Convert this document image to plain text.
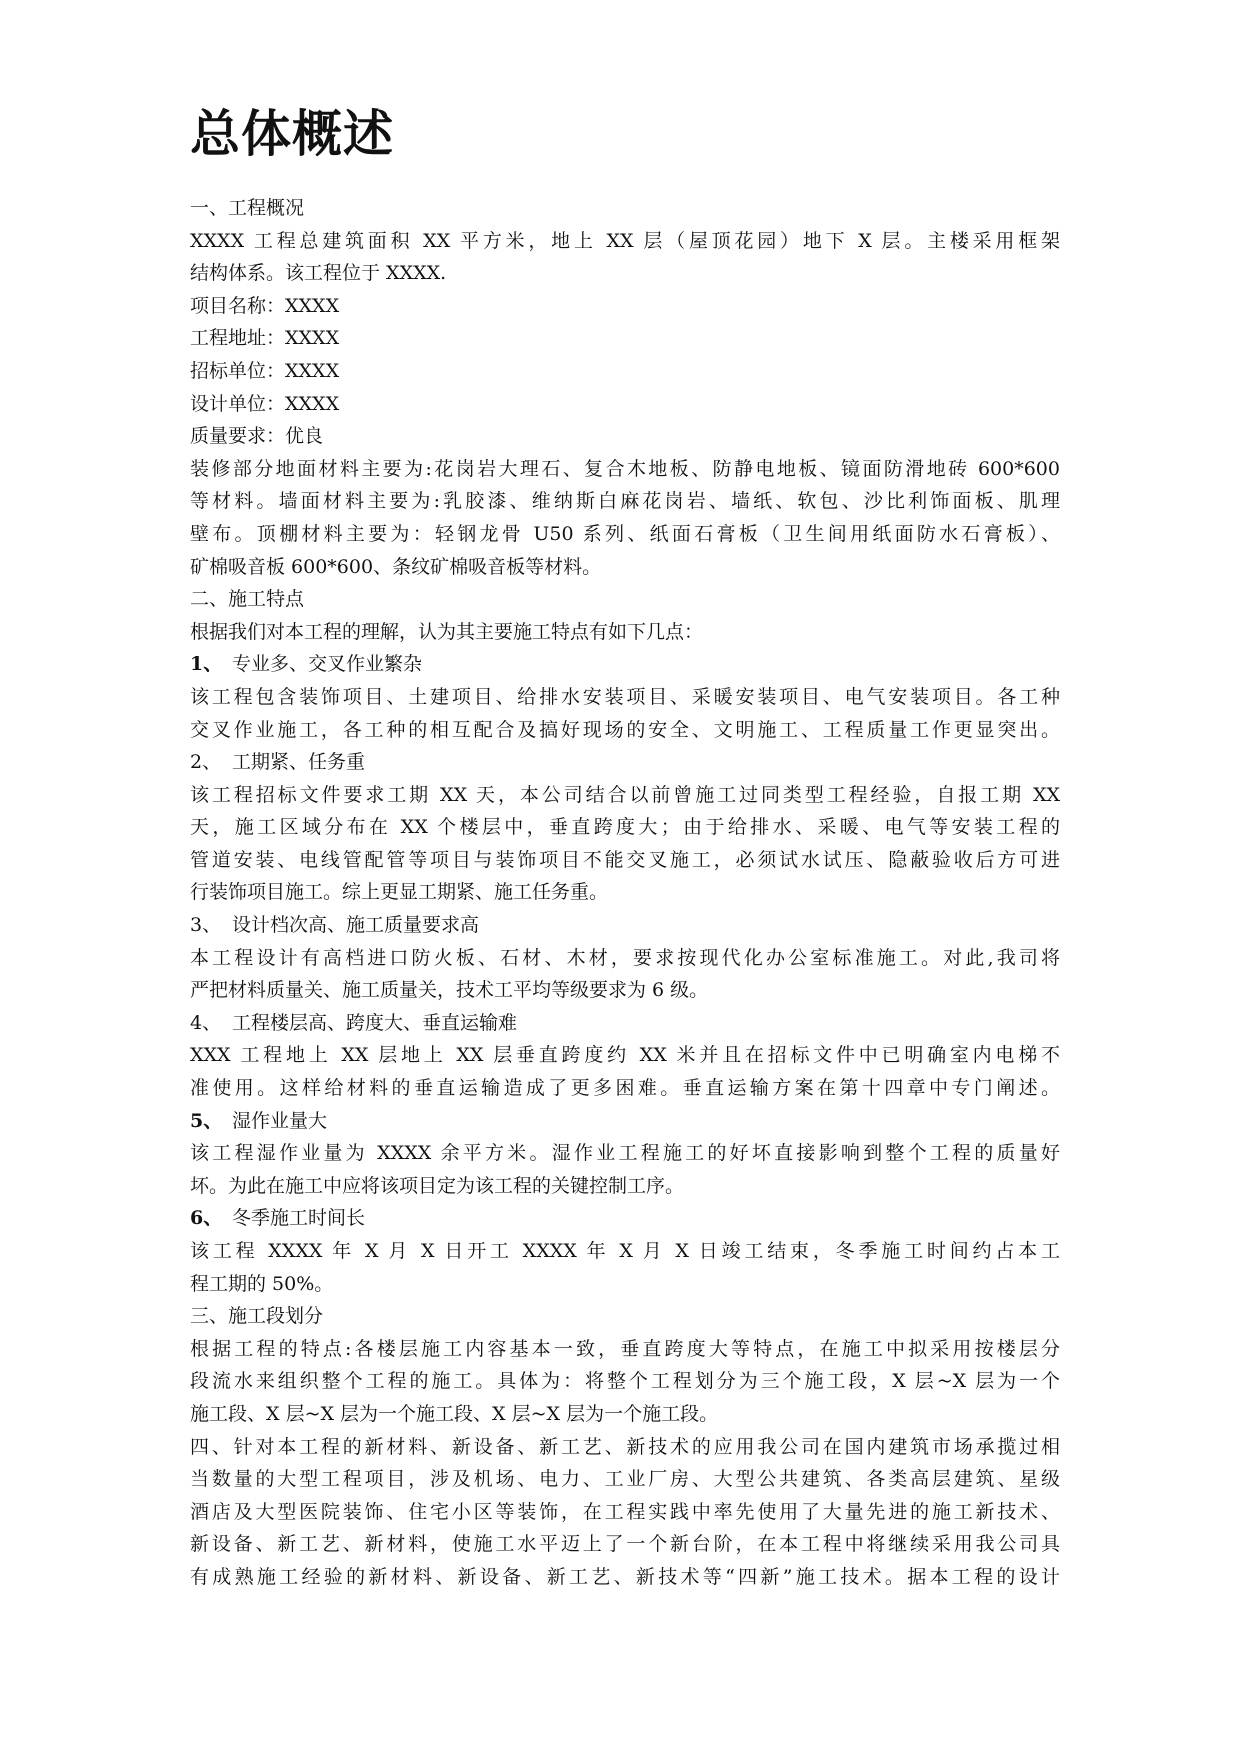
总体概述

一、工程概况

XXXX 工程总建筑面积 XX 平方米，地上 XX 层（屋顶花园）地下 X 层。主楼采用框架

结构体系。该工程位于 XXXX.

项目名称：XXXX

工程地址：XXXX

招标单位：XXXX

设计单位：XXXX

质量要求：优良

装修部分地面材料主要为:花岗岩大理石、复合木地板、防静电地板、镜面防滑地砖 600*600

等材料。墙面材料主要为:乳胶漆、维纳斯白麻花岗岩、墙纸、软包、沙比利饰面板、肌理

壁布。顶棚材料主要为：轻钢龙骨 U50 系列、纸面石膏板（卫生间用纸面防水石膏板）、

矿棉吸音板 600*600、条纹矿棉吸音板等材料。

二、施工特点

根据我们对本工程的理解，认为其主要施工特点有如下几点：

1、 专业多、交叉作业繁杂

该工程包含装饰项目、土建项目、给排水安装项目、采暖安装项目、电气安装项目。各工种

交叉作业施工，各工种的相互配合及搞好现场的安全、文明施工、工程质量工作更显突出。

2、 工期紧、任务重

该工程招标文件要求工期 XX 天，本公司结合以前曾施工过同类型工程经验，自报工期 XX

天，施工区域分布在 XX 个楼层中，垂直跨度大；由于给排水、采暖、电气等安装工程的

管道安装、电线管配管等项目与装饰项目不能交叉施工，必须试水试压、隐蔽验收后方可进

行装饰项目施工。综上更显工期紧、施工任务重。

3、 设计档次高、施工质量要求高

本工程设计有高档进口防火板、石材、木材，要求按现代化办公室标准施工。对此,我司将

严把材料质量关、施工质量关，技术工平均等级要求为 6 级。

4、 工程楼层高、跨度大、垂直运输难

XXX 工程地上 XX 层地上 XX 层垂直跨度约 XX 米并且在招标文件中已明确室内电梯不

准使用。这样给材料的垂直运输造成了更多困难。垂直运输方案在第十四章中专门阐述。

5、 湿作业量大

该工程湿作业量为 XXXX 余平方米。湿作业工程施工的好坏直接影响到整个工程的质量好

坏。为此在施工中应将该项目定为该工程的关键控制工序。

6、 冬季施工时间长

该工程 XXXX 年 X 月 X 日开工 XXXX 年 X 月 X 日竣工结束，冬季施工时间约占本工

程工期的 50%。

三、施工段划分

根据工程的特点:各楼层施工内容基本一致，垂直跨度大等特点，在施工中拟采用按楼层分

段流水来组织整个工程的施工。具体为：将整个工程划分为三个施工段，X 层~X 层为一个

施工段、X 层~X 层为一个施工段、X 层~X 层为一个施工段。

四、针对本工程的新材料、新设备、新工艺、新技术的应用我公司在国内建筑市场承揽过相

当数量的大型工程项目，涉及机场、电力、工业厂房、大型公共建筑、各类高层建筑、星级

酒店及大型医院装饰、住宅小区等装饰，在工程实践中率先使用了大量先进的施工新技术、

新设备、新工艺、新材料，使施工水平迈上了一个新台阶，在本工程中将继续采用我公司具

有成熟施工经验的新材料、新设备、新工艺、新技术等“四新”施工技术。据本工程的设计
